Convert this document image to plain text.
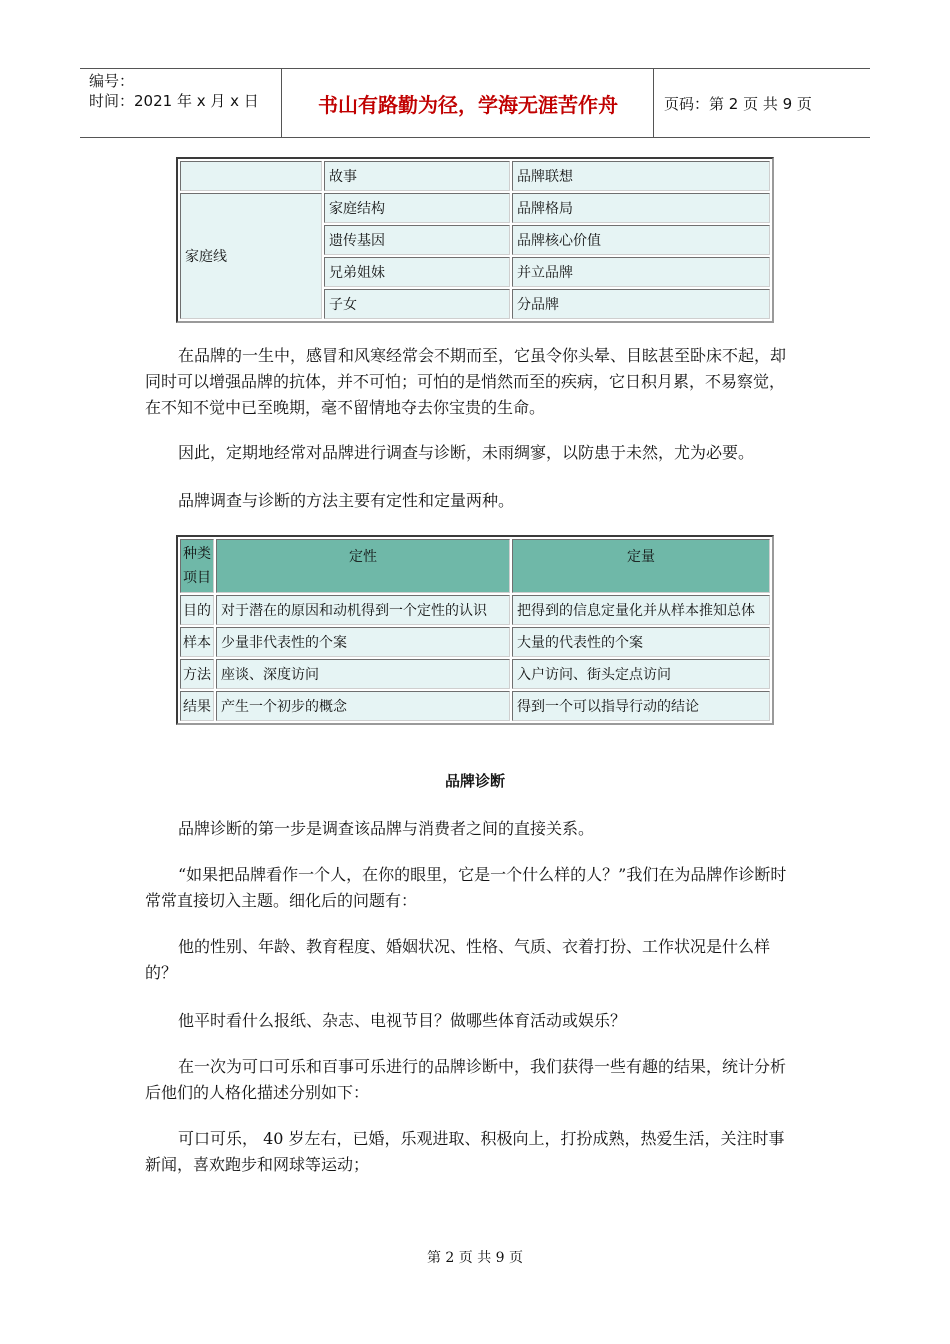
编号：
时间：2021 年 x 月 x 日	书山有路勤为径，学海无涯苦作舟	页码：第 2 页 共 9 页
	故事	品牌联想
家庭线	家庭结构	品牌格局
	遗传基因	品牌核心价值
	兄弟姐妹	并立品牌
	子女	分品牌

在品牌的一生中，感冒和风寒经常会不期而至，它虽令你头晕、目眩甚至卧床不起，却同时可以增强品牌的抗体，并不可怕；可怕的是悄然而至的疾病，它日积月累，不易察觉，在不知不觉中已至晚期，毫不留情地夺去你宝贵的生命。

因此，定期地经常对品牌进行调查与诊断，未雨绸寥，以防患于未然，尤为必要。

品牌调查与诊断的方法主要有定性和定量两种。

种类
项目	定性	定量
目的	对于潜在的原因和动机得到一个定性的认识	把得到的信息定量化并从样本推知总体
样本	少量非代表性的个案	大量的代表性的个案
方法	座谈、深度访问	入户访问、街头定点访问
结果	产生一个初步的概念	得到一个可以指导行动的结论
品牌诊断

品牌诊断的第一步是调查该品牌与消费者之间的直接关系。

“如果把品牌看作一个人，在你的眼里，它是一个什么样的人？”我们在为品牌作诊断时常常直接切入主题。细化后的问题有：

他的性别、年龄、教育程度、婚姻状况、性格、气质、衣着打扮、工作状况是什么样的？

他平时看什么报纸、杂志、电视节目？做哪些体育活动或娱乐？

在一次为可口可乐和百事可乐进行的品牌诊断中，我们获得一些有趣的结果，统计分析后他们的人格化描述分别如下：

可口可乐， 40 岁左右，已婚，乐观进取、积极向上，打扮成熟，热爱生活，关注时事新闻，喜欢跑步和网球等运动；

第 2 页 共 9 页
